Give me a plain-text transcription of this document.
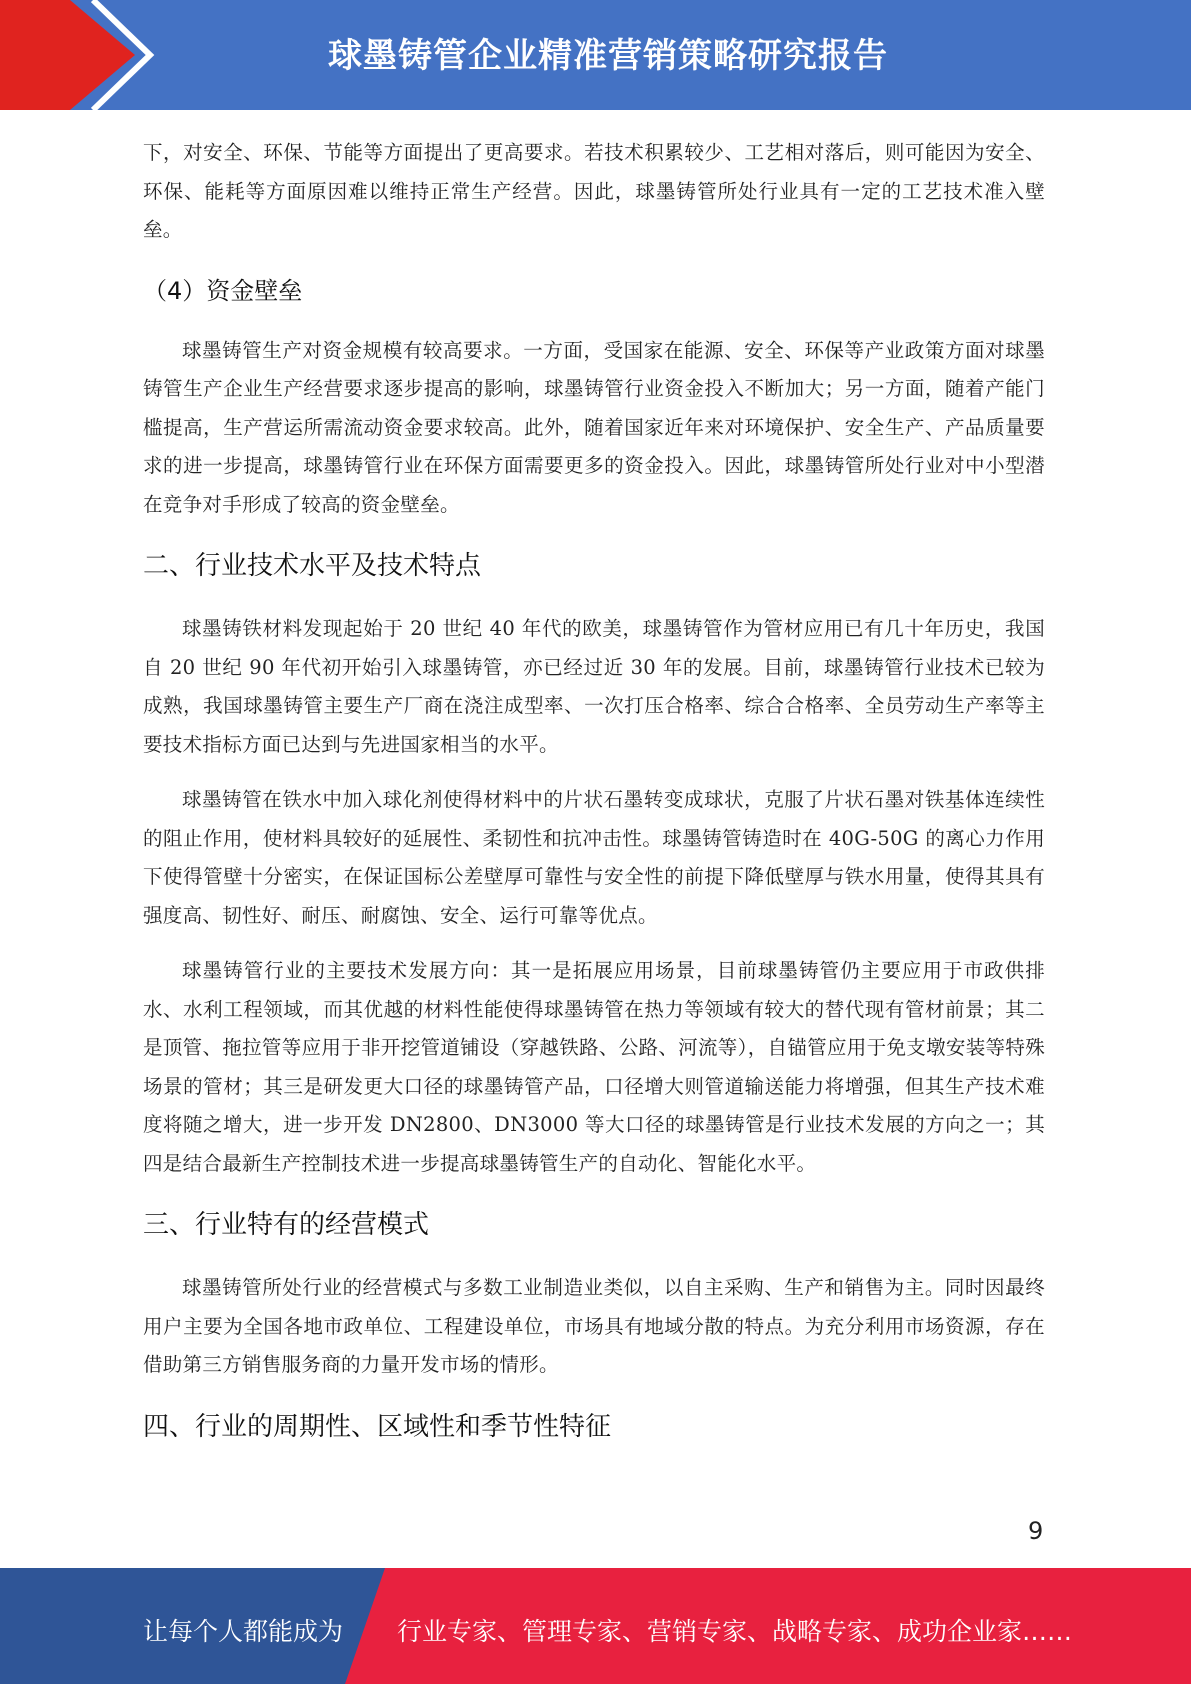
球墨铸管企业精准营销策略研究报告

下，对安全、环保、节能等方面提出了更高要求。若技术积累较少、工艺相对落后，则可能因为安全、环保、能耗等方面原因难以维持正常生产经营。因此，球墨铸管所处行业具有一定的工艺技术准入壁垒。

（4）资金壁垒

球墨铸管生产对资金规模有较高要求。一方面，受国家在能源、安全、环保等产业政策方面对球墨铸管生产企业生产经营要求逐步提高的影响，球墨铸管行业资金投入不断加大；另一方面，随着产能门槛提高，生产营运所需流动资金要求较高。此外，随着国家近年来对环境保护、安全生产、产品质量要求的进一步提高，球墨铸管行业在环保方面需要更多的资金投入。因此，球墨铸管所处行业对中小型潜在竞争对手形成了较高的资金壁垒。

二、行业技术水平及技术特点

球墨铸铁材料发现起始于 20 世纪 40 年代的欧美，球墨铸管作为管材应用已有几十年历史，我国自 20 世纪 90 年代初开始引入球墨铸管，亦已经过近 30 年的发展。目前，球墨铸管行业技术已较为成熟，我国球墨铸管主要生产厂商在浇注成型率、一次打压合格率、综合合格率、全员劳动生产率等主要技术指标方面已达到与先进国家相当的水平。

球墨铸管在铁水中加入球化剂使得材料中的片状石墨转变成球状，克服了片状石墨对铁基体连续性的阻止作用，使材料具较好的延展性、柔韧性和抗冲击性。球墨铸管铸造时在 40G-50G 的离心力作用下使得管壁十分密实，在保证国标公差壁厚可靠性与安全性的前提下降低壁厚与铁水用量，使得其具有强度高、韧性好、耐压、耐腐蚀、安全、运行可靠等优点。

球墨铸管行业的主要技术发展方向：其一是拓展应用场景，目前球墨铸管仍主要应用于市政供排水、水利工程领域，而其优越的材料性能使得球墨铸管在热力等领域有较大的替代现有管材前景；其二是顶管、拖拉管等应用于非开挖管道铺设（穿越铁路、公路、河流等），自锚管应用于免支墩安装等特殊场景的管材；其三是研发更大口径的球墨铸管产品，口径增大则管道输送能力将增强，但其生产技术难度将随之增大，进一步开发 DN2800、DN3000 等大口径的球墨铸管是行业技术发展的方向之一；其四是结合最新生产控制技术进一步提高球墨铸管生产的自动化、智能化水平。

三、行业特有的经营模式

球墨铸管所处行业的经营模式与多数工业制造业类似，以自主采购、生产和销售为主。同时因最终用户主要为全国各地市政单位、工程建设单位，市场具有地域分散的特点。为充分利用市场资源，存在借助第三方销售服务商的力量开发市场的情形。

四、行业的周期性、区域性和季节性特征
9
让每个人都能成为 行业专家、管理专家、营销专家、战略专家、成功企业家……
